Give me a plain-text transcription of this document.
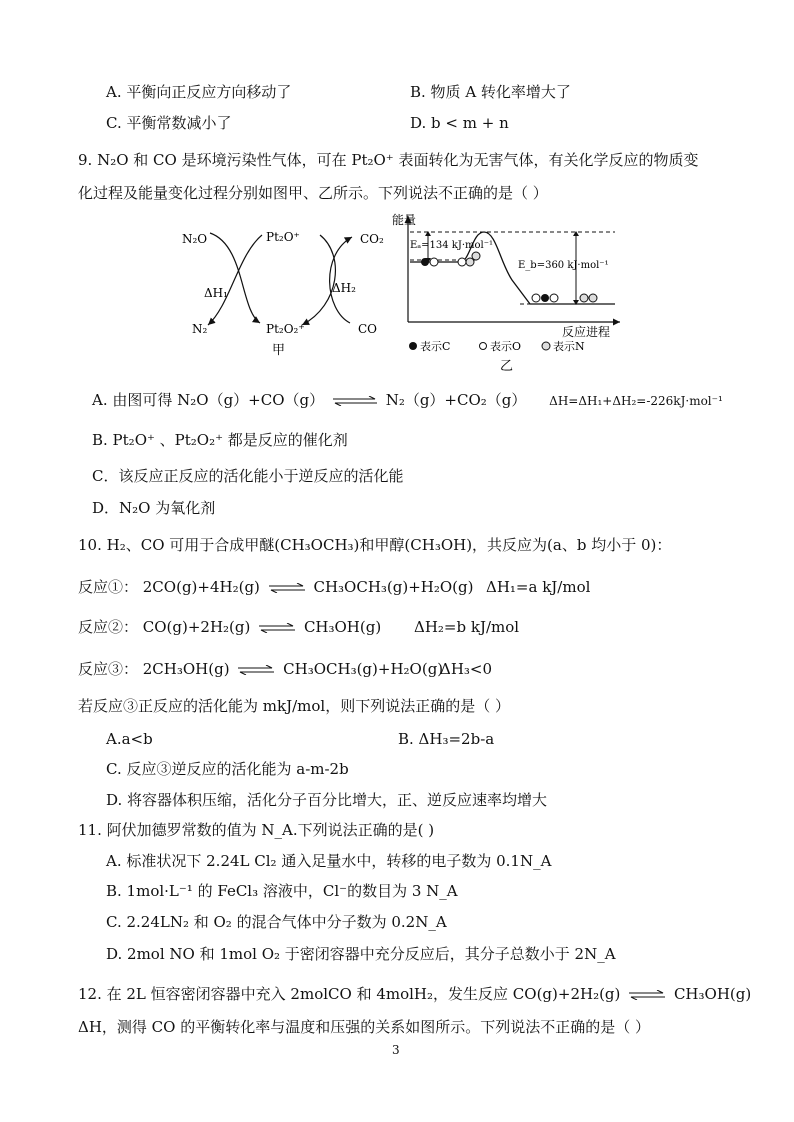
A. 平衡向正反应方向移动了	B. 物质 A 转化率增大了
C. 平衡常数减小了	D. b < m + n
9. N₂O 和 CO 是环境污染性气体，可在 Pt₂O⁺ 表面转化为无害气体，有关化学反应的物质变
化过程及能量变化过程分别如图甲、乙所示。下列说法不正确的是（ ）
N₂O	Pt₂O⁺	CO₂
ΔH₁	ΔH₂
N₂	Pt₂O₂⁺	CO
甲
能量
Eₐ=134 kJ·mol⁻¹
E_b=360 kJ·mol⁻¹
反应进程
表示C	表示O	表示N
乙
A. 由图可得 N₂O（g）+CO（g） ⇌ N₂（g）+CO₂（g） ΔH=ΔH₁+ΔH₂=-226kJ·mol⁻¹
B. Pt₂O⁺ 、Pt₂O₂⁺ 都是反应的催化剂
C．该反应正反应的活化能小于逆反应的活化能
D．N₂O 为氧化剂
10. H₂、CO 可用于合成甲醚(CH₃OCH₃)和甲醇(CH₃OH)，共反应为(a、b 均小于 0)：
反应①： 2CO(g)+4H₂(g) ⇌ CH₃OCH₃(g)+H₂O(g) ΔH₁=a kJ/mol
反应②： CO(g)+2H₂(g) ⇌ CH₃OH(g) ΔH₂=b kJ/mol
反应③： 2CH₃OH(g) ⇌ CH₃OCH₃(g)+H₂O(g)
ΔH₃<0
若反应③正反应的活化能为 mkJ/mol，则下列说法正确的是（ ）
A.a<b	B. ΔH₃=2b-a
C. 反应③逆反应的活化能为 a-m-2b
D. 将容器体积压缩，活化分子百分比增大，正、逆反应速率均增大
11. 阿伏加德罗常数的值为 N_A.下列说法正确的是( )
A. 标准状况下 2.24L Cl₂ 通入足量水中，转移的电子数为 0.1N_A
B. 1mol·L⁻¹ 的 FeCl₃ 溶液中，Cl⁻的数目为 3 N_A
C. 2.24LN₂ 和 O₂ 的混合气体中分子数为 0.2N_A
D. 2mol NO 和 1mol O₂ 于密闭容器中充分反应后，其分子总数小于 2N_A
12. 在 2L 恒容密闭容器中充入 2molCO 和 4molH₂，发生反应 CO(g)+2H₂(g) ⇌ CH₃OH(g)
ΔH，测得 CO 的平衡转化率与温度和压强的关系如图所示。下列说法不正确的是（ ）
3
